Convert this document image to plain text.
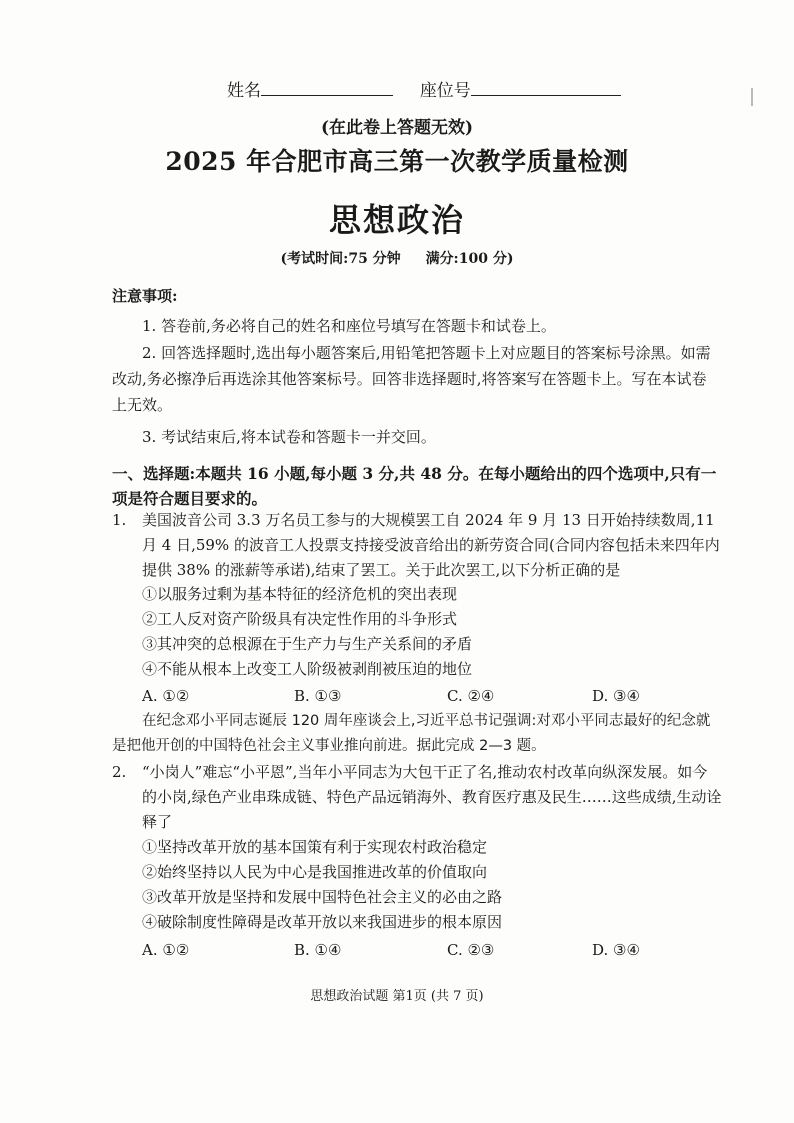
姓名	座位号
(在此卷上答题无效)
2025 年合肥市高三第一次教学质量检测
思想政治
(考试时间:75 分钟 满分:100 分)
注意事项:
1. 答卷前,务必将自己的姓名和座位号填写在答题卡和试卷上。
2. 回答选择题时,选出每小题答案后,用铅笔把答题卡上对应题目的答案标号涂黑。如需改动,务必擦净后再选涂其他答案标号。回答非选择题时,将答案写在答题卡上。写在本试卷上无效。
3. 考试结束后,将本试卷和答题卡一并交回。
一、选择题:本题共 16 小题,每小题 3 分,共 48 分。在每小题给出的四个选项中,只有一项是符合题目要求的。
1. 美国波音公司 3.3 万名员工参与的大规模罢工自 2024 年 9 月 13 日开始持续数周,11 月 4 日,59% 的波音工人投票支持接受波音给出的新劳资合同(合同内容包括未来四年内提供 38% 的涨薪等承诺),结束了罢工。关于此次罢工,以下分析正确的是
①以服务过剩为基本特征的经济危机的突出表现
②工人反对资产阶级具有决定性作用的斗争形式
③其冲突的总根源在于生产力与生产关系间的矛盾
④不能从根本上改变工人阶级被剥削被压迫的地位
A. ①②	B. ①③	C. ②④	D. ③④
在纪念邓小平同志诞辰 120 周年座谈会上,习近平总书记强调:对邓小平同志最好的纪念就是把他开创的中国特色社会主义事业推向前进。据此完成 2—3 题。
2. “小岗人”难忘“小平恩”,当年小平同志为大包干正了名,推动农村改革向纵深发展。如今的小岗,绿色产业串珠成链、特色产品远销海外、教育医疗惠及民生……这些成绩,生动诠释了
①坚持改革开放的基本国策有利于实现农村政治稳定
②始终坚持以人民为中心是我国推进改革的价值取向
③改革开放是坚持和发展中国特色社会主义的必由之路
④破除制度性障碍是改革开放以来我国进步的根本原因
A. ①②	B. ①④	C. ②③	D. ③④
思想政治试题 第1页 (共 7 页)
